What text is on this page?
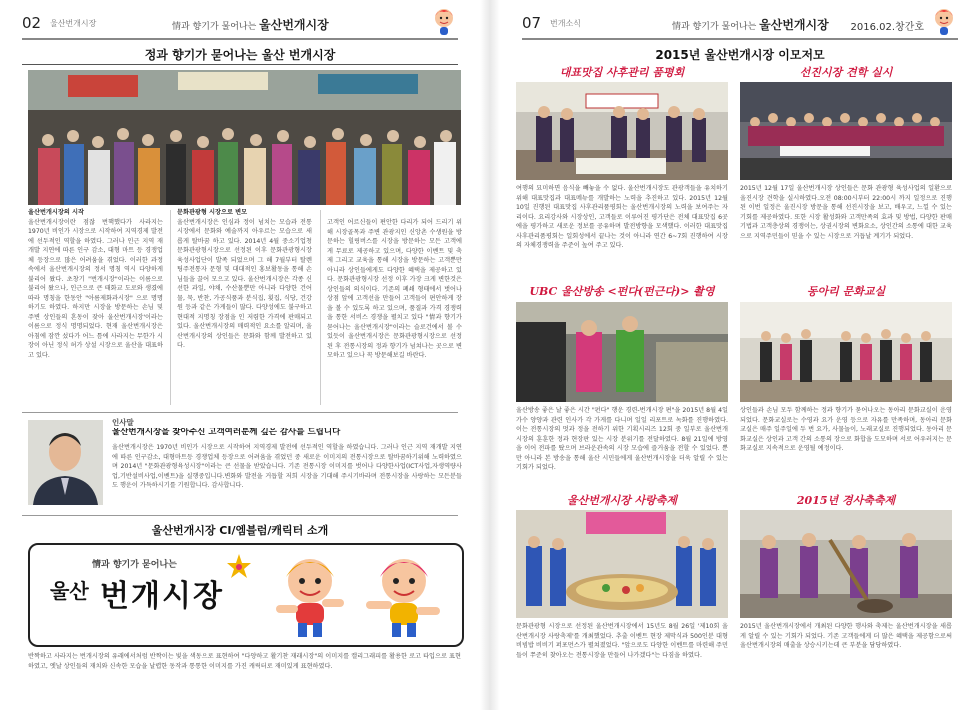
02 울산번개시장	情과 향기가 물어나는 울산번개시장
정과 향기가 묻어나는 울산 번개시장
울산번개시장의 시작
울산번개시장이란 점잖 번핵했다가 사라지는 1970년 비인가 시장으로 시작하여 지역경제 발전에 선두적인 역할을 하였다. 그러나 인근 지역 재개발 지연에 따른 인구 감소, 대형 마트 등 경쟁업체 등장으로 많은 어려움을 겪었다. 이러한 과정 속에서 울산번개시장의 정서 명칭 역시 다양하게 불리어 왔다. 초창기 "번개시장"이라는 이름으로 불리어 왔으나, 인근으로 큰 태화교 도로와 생겼에 따라 명칭을 한동안 "아름제화과시장" 으로 명명하기도 하였다. 하지만 시장을 방문하는 손님 및 주변 상인들의 혼동이 잦아 울산번개시장'이라는 이름으로 정식 명명되었다. 현재 울산번개시장은 아침에 잠깐 섰다가 어느 틈에 사라지는 무한가 시장이 아닌 정식 허가 상설 시장으로 울산을 대표하고 있다.
문화관광형 시장으로 변모
울산번개시장은 인심과 정이 넘치는 모습과 전통시장에서 문화와 예술까지 아우르는 모습으로 새롭게 탈바꿈 하고 있다. 2014년 4월 중소기업청 문화관광형시장으로 선정된 이후 문화관광형시장 육성사업단이 발족 되었으며 그 해 7월부터 탈렌팅주전통자 문형 및 대대적인 홍보활동을 통해 손님들을 끌어 모으고 있다. 울산번개시장은 각종 신선한 과일, 야채, 수산물뿐만 아니라 다양한 건어물, 묵, 반찬, 가공식품과 분식집, 횟집, 식당, 건강원 등과 같은 가게들이 많다. 다양성에도 불구하고 현대적 지명칭 장점을 인 저렴한 가격에 판매되고 있다. 울산번개시장의 매력적인 요소를 알리며, 울산번개시장의 상인들은 문화와 함께 발전하고 있다.
고객인 어르신들이 편안한 다리가 되어 드리기 위해 시장골목과 주변 관광지인 신앙촌 수생원을 방문하는 힐링버스를 시장을 방문하는 모든 고객에게 무료로 제공하고 있으며, 다양한 이벤트 및 축제 그리고 교육을 통해 시장을 방문하는 고객뿐만 아니라 상인들에게도 다양한 혜택을 제공하고 있다. 문화관광형시장 선정 이후 가장 크게 변한것은 상인들의 의식이다. 기존의 폐쇄 형태에서 벗어나 상점 앞에 고객선을 만들어 고객들이 편안하게 장을 볼 수 있도록 하고 있으며, 품질과 가격 경쟁력을 통한 서비스 경쟁을 펼치고 있다 "情과 향기가 묻어나는 울산번개시장"이라는 슬로건에서 볼 수 있듯이 울산번개시장은 문화관광형시장으로 선정된 후 전통시장의 정과 향기가 넘쳐나는 곳으로 변모하고 있으나 꼭 방문해보길 바란다.
인사말
울산번개시장을 찾아주신 고객여러분께 깊은 감사를 드립니다
울산번개시장은 1970년 비인가 시장으로 시작하여 지역경제 발전에 선두적인 역할을 하였습니다. 그러나 인근 지역 재개발 지연에 따른 인구감소, 대형마트등 경쟁업체 등장으로 어려움을 겪었던 중 새로운 이미지의 전통시장으로 탈바꿈하기위해 노력하였으며 2014년 "문화관광형육성시장"이라는 큰 선물을 받았습니다. 기존 전통시장 이미지를 벗어나 다양한사업(ICT사업,자생역량사업,기반설비사업,이벤트)을 실행중입니다.변화와 발전을 거듭할 저희 시장을 기대해 주시기바라며 전통시장을 사랑하는 모든분들도 행운이 가득하시기를 기원합니다. 감사합니다.
울산번개시장 CI/엠블럼/캐릭터 소개
情과 향기가 묻어나는
울산 번개시장
반짝하고 사라지는 번개시장의 유래에서처럼 반짝이는 빛을 색동으로 표현하여 "다양하고 활기찬 재래시장"의 이미지를 캘리그래피를 활용한 로고 타입으로 표현하였고, 엣날 상인들의 재치와 신속한 모습을 날렵한 동작과 통통한 이미지를 가진 캐릭터로 재미있게 표현하였다.
07 번개소식	情과 향기가 물어나는 울산번개시장 2016.02.창간호
2015년 울산번개시장 이모저모
대표맛집 사후관리 품평회
여행의 묘미하면 음식을 빼놓을 수 없다. 울산번개시장도 관광객들을 유치하기 위해 대표맛집과 대표메뉴를 개발하는 노력을 추진하고 있다. 2015년 12월 10일 진행된 대표맛집 사후관리품평회는 울산번개시장의 노력을 보여주는 자리이다. 요리강사와 시장상인, 고객들로 이루어진 평가단은 전체 대표맛집 6곳에을 평가하고 새로운 정보를 공유하며 발전방향을 모색했다. 이러한 대표맛집 사후관리품평회는 일회성에서 끝나는 것이 아니라 연간 6~7회 진행하여 시장의 자체경쟁력을 주준이 높여 주고 있다.
선진시장 견학 실시
2015년 12월 17일 울산번개시장 상인들은 문화 관광형 육성사업의 일환으로 울진시장 견학을 실시하였다.오전 08:00시부터 22:00시 까지 일정으로 진행된 이번 일정은 울진시장 방문을 통해 선진시장을 보고, 배우고, 느낄 수 있는 기회를 제공하였다. 또한 시장 활성화와 고객만족의 효과 및 방법, 다양한 판매 기법과 고객층상의 경쟁이는, 상권시장의 변화요소, 상인간의 소통에 대한 교육으로 지역주민들이 믿을 수 있는 시장으로 거듭날 계기가 되었다.
UBC 울산방송 <펀다(펀근다)> 촬영
울산방송 좋은 날 좋은 시간 "펀다" 행운 경련-번개시장 편"을 2015년 8월 4일 가수 양양과 관련 인사가 각 가게를 다니며 일일 리포트로 녹화를 진행하였다. 이는 전통시장의 멋과 정을 전하기 위한 기획시리즈 12회 중 일부로 울산번개시장의 훈훈한 정과 현장판 있는 시장 분위기를 전달하였다. 8월 21일에 방영을 이어 전파를 탔으며 브라운관속의 시장 모습에 즐거움을 전할 수 있었다. 뿐만 아니라 본 방송을 통해 울산 시민들에게 울산번개시장을 더욱 알릴 수 있는 기회가 되었다.
동아리 문화교실
상인들과 손님 모두 함께하는 정과 향기가 묻어나오는 동아리 문화교실이 운영되었다. 문화교실로는 수영과 요가 운영 등으로 자유를 만족하며, 동아리 문화교실은 매주 일주일에 두 번 요가, 사물놀이, 노래교실로 진행되었다. 동아리 문화교실은 상인과 고객 간의 소통의 장으로 화합을 도모하며 서로 어우러지는 문화교실로 지속적으로 운영될 예정이다.
울산번개시장 사랑축제
문화관광형 시장으로 선정된 울산번개시장에서 15년도 8월 26일 '제10회 울산번개시장 사랑축제'를 개최했었다. 추출 이벤트 현장 제막식과 500인분 대형비빔밥 비비기 퍼포먼스가 펼쳐졌었다. "앞으로도 다양한 이벤트를 마련해 주민들이 쭈준히 찾아오는 전통시장을 만들어 나가겠다"는 다짐을 하였다.
2015년 경사축축제
2015년 울산번개시장에서 개최된 다양한 행사와 축제는 울산번개시장을 새롭게 알릴 수 있는 기회가 되었다. 기존 고객들에게 더 많은 혜택을 제공함으로써 울산번개시장의 매출을 상승시키는데 큰 부분을 담당하였다.
